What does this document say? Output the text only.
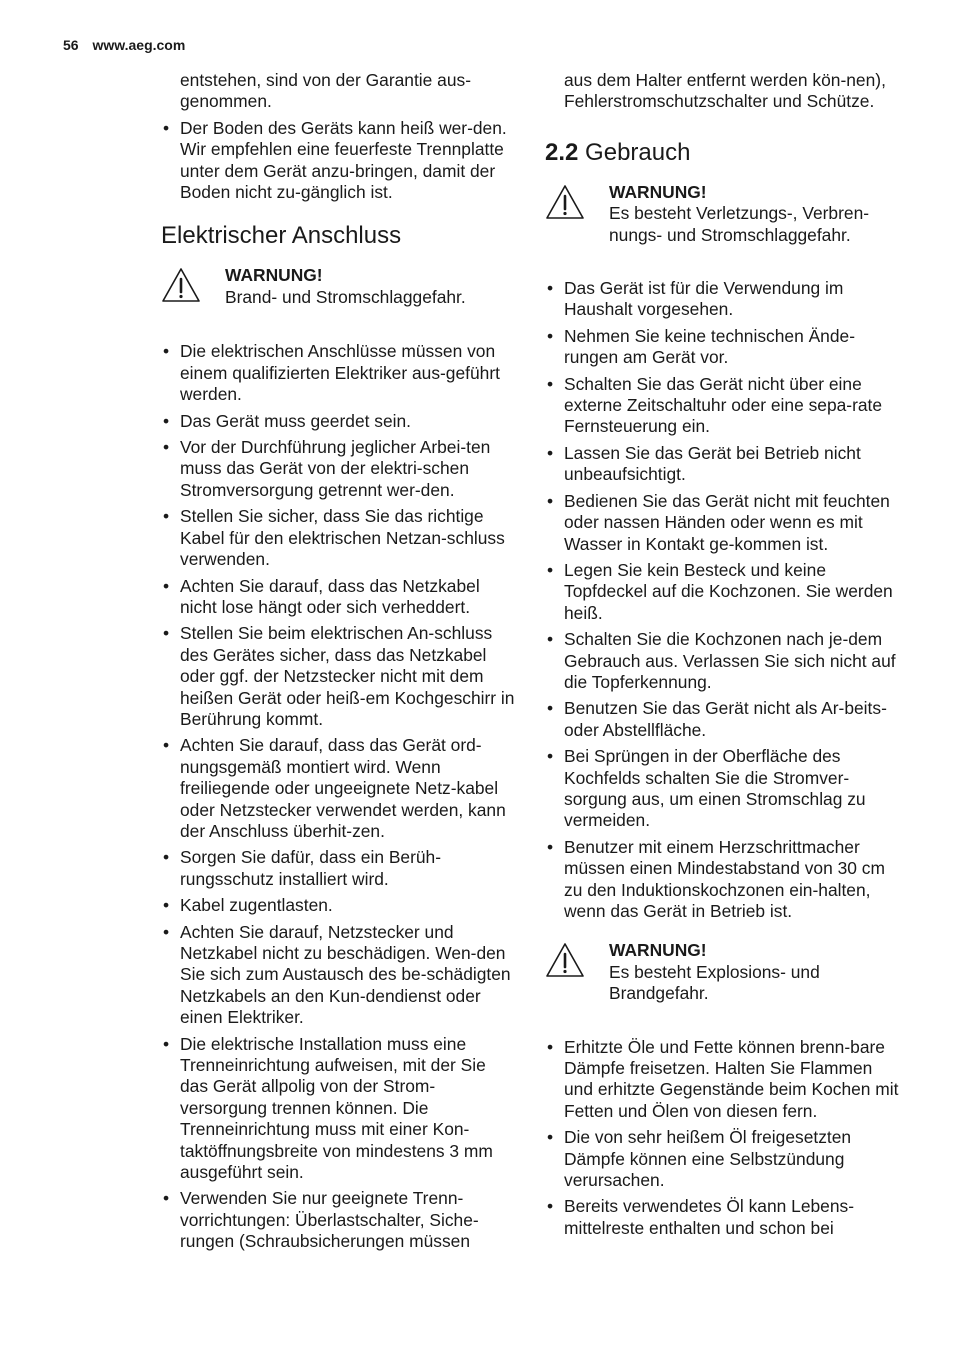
56 www.aeg.com

entstehen, sind von der Garantie aus-genommen.

• Der Boden des Geräts kann heiß wer-den. Wir empfehlen eine feuerfeste Trennplatte unter dem Gerät anzu-bringen, damit der Boden nicht zu-gänglich ist.
Elektrischer Anschluss
WARNUNG!
Brand- und Stromschlaggefahr.
• Die elektrischen Anschlüsse müssen von einem qualifizierten Elektriker aus-geführt werden.
• Das Gerät muss geerdet sein.
• Vor der Durchführung jeglicher Arbei-ten muss das Gerät von der elektri-schen Stromversorgung getrennt wer-den.
• Stellen Sie sicher, dass Sie das richtige Kabel für den elektrischen Netzan-schluss verwenden.
• Achten Sie darauf, dass das Netzkabel nicht lose hängt oder sich verheddert.
• Stellen Sie beim elektrischen An-schluss des Gerätes sicher, dass das Netzkabel oder ggf. der Netzstecker nicht mit dem heißen Gerät oder heiß-em Kochgeschirr in Berührung kommt.
• Achten Sie darauf, dass das Gerät ord-nungsgemäß montiert wird. Wenn freiliegende oder ungeeignete Netz-kabel oder Netzstecker verwendet werden, kann der Anschluss überhit-zen.
• Sorgen Sie dafür, dass ein Berüh-rungsschutz installiert wird.
• Kabel zugentlasten.
• Achten Sie darauf, Netzstecker und Netzkabel nicht zu beschädigen. Wen-den Sie sich zum Austausch des be-schädigten Netzkabels an den Kun-dendienst oder einen Elektriker.
• Die elektrische Installation muss eine Trenneinrichtung aufweisen, mit der Sie das Gerät allpolig von der Strom-versorgung trennen können. Die Trenneinrichtung muss mit einer Kon-taktöffnungsbreite von mindestens 3 mm ausgeführt sein.
• Verwenden Sie nur geeignete Trenn-vorrichtungen: Überlastschalter, Siche-rungen (Schraubsicherungen müssen

aus dem Halter entfernt werden kön-nen), Fehlerstromschutzschalter und Schütze.

2.2 Gebrauch
WARNUNG!
Es besteht Verletzungs-, Verbren-nungs- und Stromschlaggefahr.
• Das Gerät ist für die Verwendung im Haushalt vorgesehen.
• Nehmen Sie keine technischen Ände-rungen am Gerät vor.
• Schalten Sie das Gerät nicht über eine externe Zeitschaltuhr oder eine sepa-rate Fernsteuerung ein.
• Lassen Sie das Gerät bei Betrieb nicht unbeaufsichtigt.
• Bedienen Sie das Gerät nicht mit feuchten oder nassen Händen oder wenn es mit Wasser in Kontakt ge-kommen ist.
• Legen Sie kein Besteck und keine Topfdeckel auf die Kochzonen. Sie werden heiß.
• Schalten Sie die Kochzonen nach je-dem Gebrauch aus. Verlassen Sie sich nicht auf die Topferkennung.
• Benutzen Sie das Gerät nicht als Ar-beits- oder Abstellfläche.
• Bei Sprüngen in der Oberfläche des Kochfelds schalten Sie die Stromver-sorgung aus, um einen Stromschlag zu vermeiden.
• Benutzer mit einem Herzschrittmacher müssen einen Mindestabstand von 30 cm zu den Induktionskochzonen ein-halten, wenn das Gerät in Betrieb ist.
WARNUNG!
Es besteht Explosions- und Brandgefahr.
• Erhitzte Öle und Fette können brenn-bare Dämpfe freisetzen. Halten Sie Flammen und erhitzte Gegenstände beim Kochen mit Fetten und Ölen von diesen fern.
• Die von sehr heißem Öl freigesetzten Dämpfe können eine Selbstzündung verursachen.
• Bereits verwendetes Öl kann Lebens-mittelreste enthalten und schon bei
